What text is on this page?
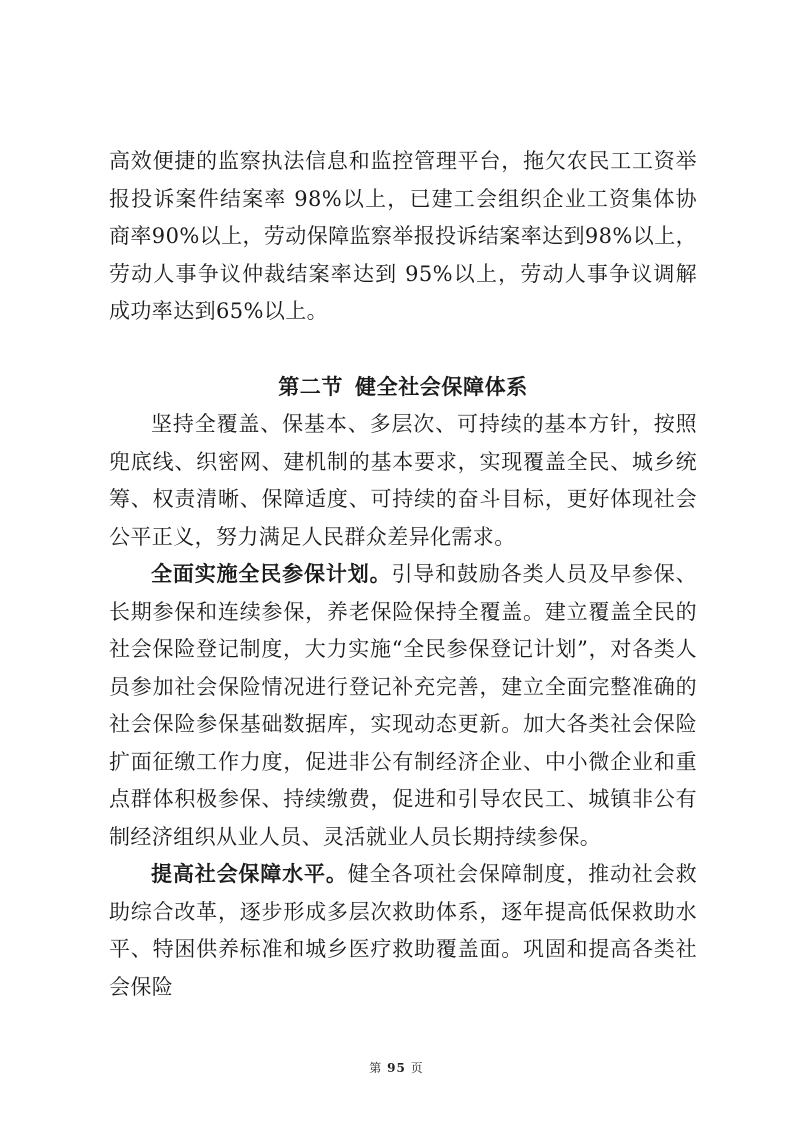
高效便捷的监察执法信息和监控管理平台，拖欠农民工工资举报投诉案件结案率 98%以上，已建工会组织企业工资集体协商率90%以上，劳动保障监察举报投诉结案率达到98%以上，劳动人事争议仲裁结案率达到 95%以上，劳动人事争议调解成功率达到65%以上。

第二节 健全社会保障体系

坚持全覆盖、保基本、多层次、可持续的基本方针，按照兜底线、织密网、建机制的基本要求，实现覆盖全民、城乡统筹、权责清晰、保障适度、可持续的奋斗目标，更好体现社会公平正义，努力满足人民群众差异化需求。

全面实施全民参保计划。引导和鼓励各类人员及早参保、长期参保和连续参保，养老保险保持全覆盖。建立覆盖全民的社会保险登记制度，大力实施“全民参保登记计划”，对各类人员参加社会保险情况进行登记补充完善，建立全面完整准确的社会保险参保基础数据库，实现动态更新。加大各类社会保险扩面征缴工作力度，促进非公有制经济企业、中小微企业和重点群体积极参保、持续缴费，促进和引导农民工、城镇非公有制经济组织从业人员、灵活就业人员长期持续参保。

提高社会保障水平。健全各项社会保障制度，推动社会救助综合改革，逐步形成多层次救助体系，逐年提高低保救助水平、特困供养标准和城乡医疗救助覆盖面。巩固和提高各类社会保险

第 95 页
